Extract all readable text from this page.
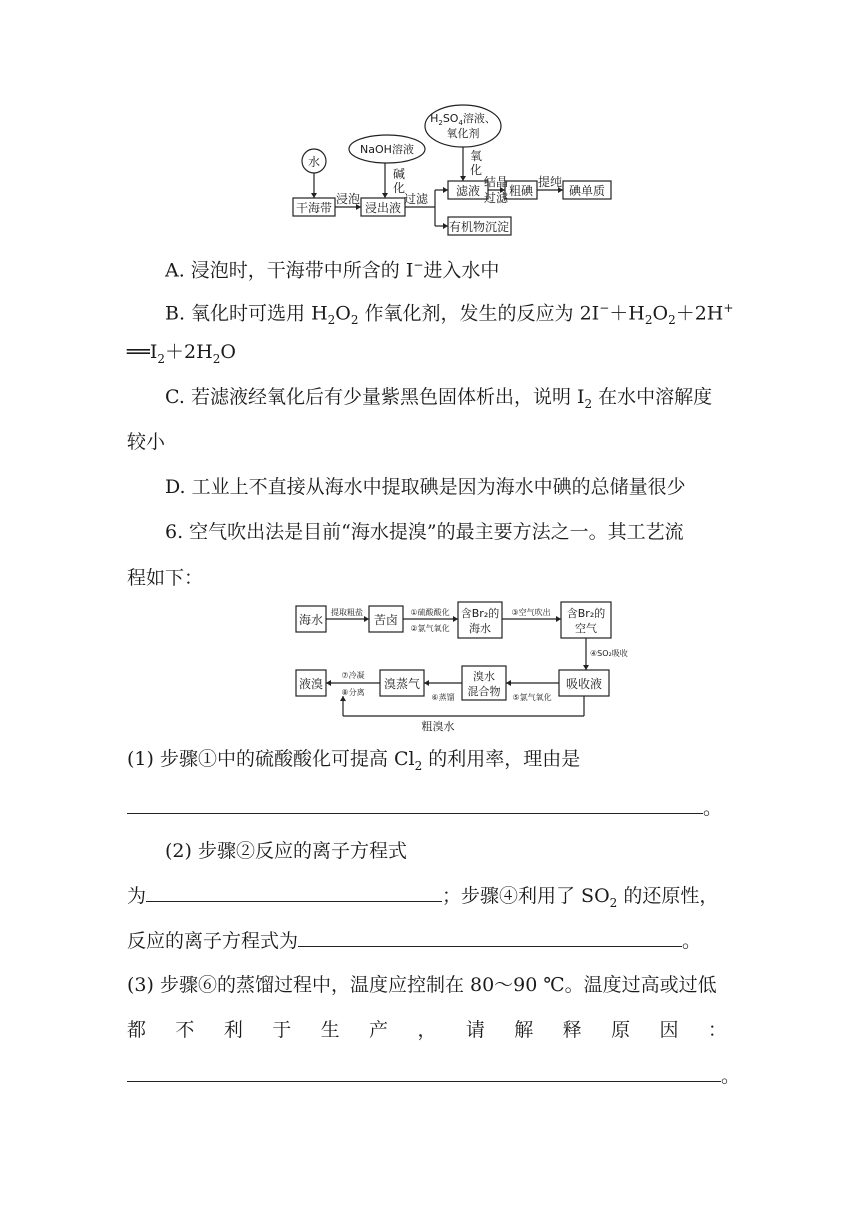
水
NaOH溶液
$H_2SO_4$溶液、
氧化剂
碱
化
氧
化
干海带
浸泡
浸出液
过滤
滤液
结晶
过滤 粗碘
提纯
碘单质
有机物沉淀
A. 浸泡时，干海带中所含的 I−进入水中
B. 氧化时可选用 $H_2O_2$ 作氧化剂，发生的反应为 $2I^-+H_2O_2+2H^+$
$══I_2+2H_2O$
C. 若滤液经氧化后有少量紫黑色固体析出，说明 $I_2$ 在水中溶解度
较小
D. 工业上不直接从海水中提取碘是因为海水中碘的总储量很少
6. 空气吹出法是目前“海水提溴”的最主要方法之一。其工艺流
程如下：
海水
提取粗盐
苦卤
①硫酸酸化
②氯气氧化
含Br₂的
海水
③空气吹出 含Br₂的
空气
④SO₂吸收
吸收液
⑤氯气氧化
溴水
混合物
⑥蒸馏
溴蒸气
⑦冷凝
⑧分离
液溴
粗溴水
(1) 步骤①中的硫酸酸化可提高 $Cl_2$ 的利用率，理由是
。
(2) 步骤②反应的离子方程式
为	；步骤④利用了 $SO_2$ 的还原性，
反应的离子方程式为	。
(3) 步骤⑥的蒸馏过程中，温度应控制在 80～90 ℃。温度过高或过低
都 不 利 于 生 产 ， 请 解 释 原 因 ：
。
